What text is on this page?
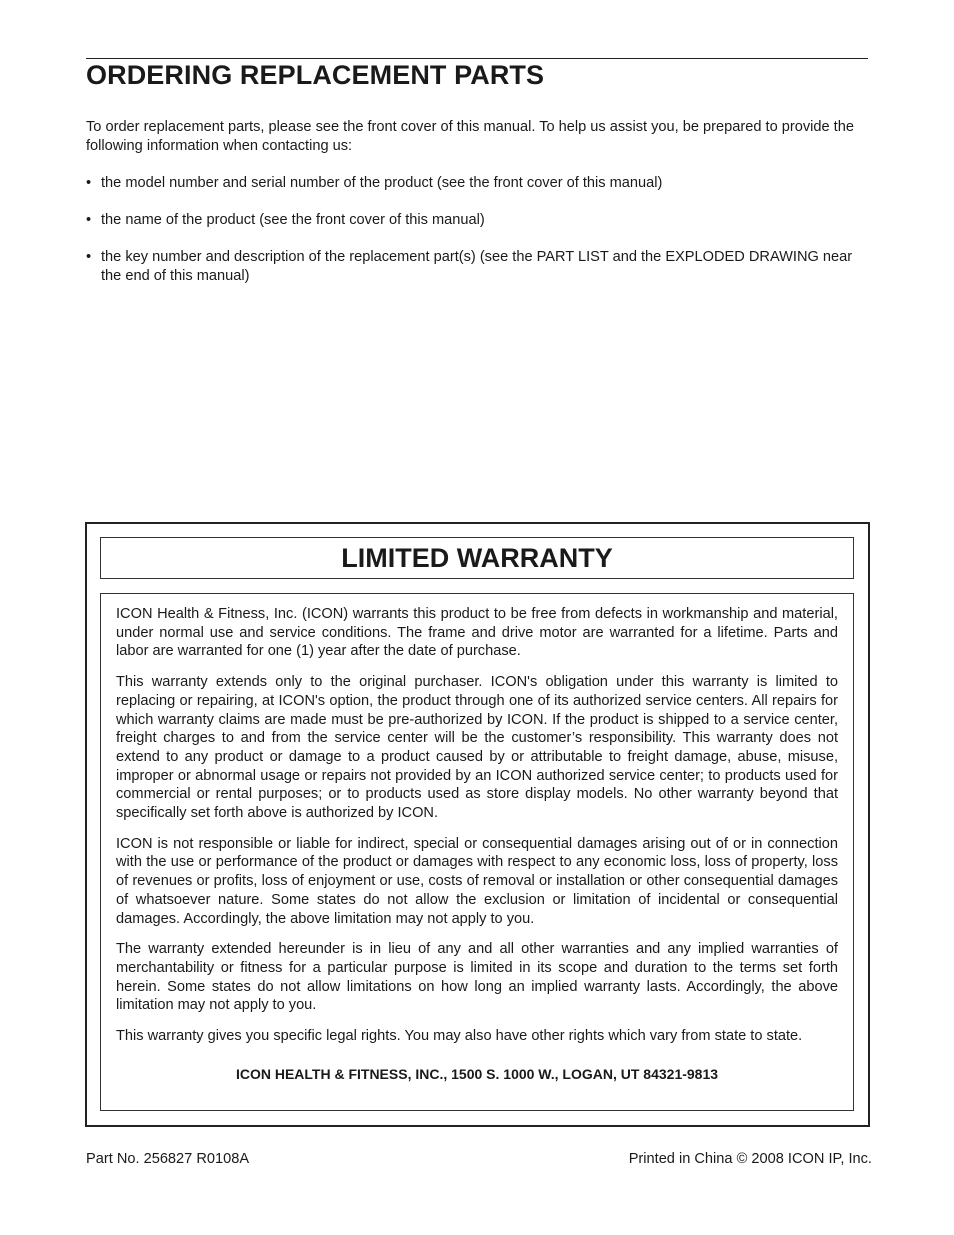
ORDERING REPLACEMENT PARTS

To order replacement parts, please see the front cover of this manual. To help us assist you, be prepared to provide the following information when contacting us:

• the model number and serial number of the product (see the front cover of this manual)
• the name of the product (see the front cover of this manual)
• the key number and description of the replacement part(s) (see the PART LIST and the EXPLODED DRAWING near the end of this manual)
LIMITED WARRANTY

ICON Health & Fitness, Inc. (ICON) warrants this product to be free from defects in workmanship and material, under normal use and service conditions. The frame and drive motor are warranted for a lifetime. Parts and labor are warranted for one (1) year after the date of purchase.

This warranty extends only to the original purchaser. ICON's obligation under this warranty is limited to replacing or repairing, at ICON's option, the product through one of its authorized service centers. All repairs for which warranty claims are made must be pre-authorized by ICON. If the product is shipped to a service center, freight charges to and from the service center will be the customer’s responsibility. This warranty does not extend to any product or damage to a product caused by or attributable to freight damage, abuse, misuse, improper or abnormal usage or repairs not provided by an ICON authorized service center; to products used for commercial or rental purposes; or to products used as store display models. No other warranty beyond that specifically set forth above is authorized by ICON.

ICON is not responsible or liable for indirect, special or consequential damages arising out of or in connection with the use or performance of the product or damages with respect to any economic loss, loss of property, loss of revenues or profits, loss of enjoyment or use, costs of removal or installation or other consequential damages of whatsoever nature. Some states do not allow the exclusion or limitation of incidental or consequential damages. Accordingly, the above limitation may not apply to you.

The warranty extended hereunder is in lieu of any and all other warranties and any implied warranties of merchantability or fitness for a particular purpose is limited in its scope and duration to the terms set forth herein. Some states do not allow limitations on how long an implied warranty lasts. Accordingly, the above limitation may not apply to you.

This warranty gives you specific legal rights. You may also have other rights which vary from state to state.

ICON HEALTH & FITNESS, INC., 1500 S. 1000 W., LOGAN, UT 84321-9813

Part No. 256827 R0108A	Printed in China © 2008 ICON IP, Inc.
